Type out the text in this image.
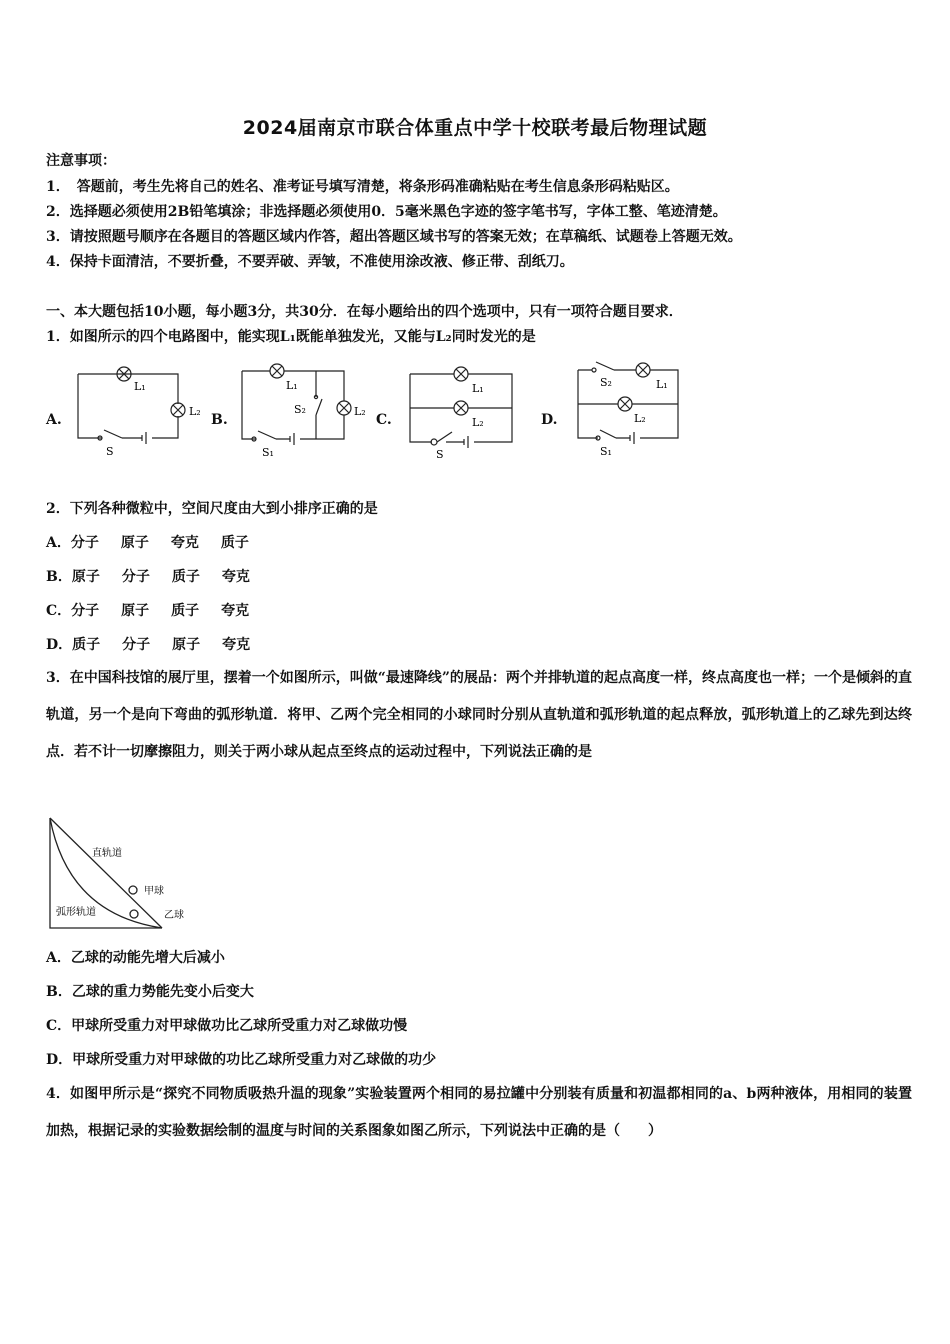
2024届南京市联合体重点中学十校联考最后物理试题
注意事项：
1．　答题前，考生先将自己的姓名、准考证号填写清楚，将条形码准确粘贴在考生信息条形码粘贴区。
2．选择题必须使用2B铅笔填涂；非选择题必须使用0．5毫米黑色字迹的签字笔书写，字体工整、笔迹清楚。
3．请按照题号顺序在各题目的答题区域内作答，超出答题区域书写的答案无效；在草稿纸、试题卷上答题无效。
4．保持卡面清洁，不要折叠，不要弄破、弄皱，不准使用涂改液、修正带、刮纸刀。
一、本大题包括10小题，每小题3分，共30分．在每小题给出的四个选项中，只有一项符合题目要求．
1．如图所示的四个电路图中，能实现L₁既能单独发光，又能与L₂同时发光的是
A.
L₁
L₂
S
B.
L₁
S₂	L₂
S₁
C.
L₁
L₂
S
D.
S₂	L₁
L₂
S₁
2．下列各种微粒中，空间尺度由大到小排序正确的是
A．分子 原子 夸克 质子
B．原子 分子 质子 夸克
C．分子 原子 质子 夸克
D．质子 分子 原子 夸克
3．在中国科技馆的展厅里，摆着一个如图所示，叫做“最速降线”的展品：两个并排轨道的起点高度一样，终点高度也一样；一个是倾斜的直轨道，另一个是向下弯曲的弧形轨道．将甲、乙两个完全相同的小球同时分别从直轨道和弧形轨道的起点释放，弧形轨道上的乙球先到达终点．若不计一切摩擦阻力，则关于两小球从起点至终点的运动过程中，下列说法正确的是
直轨道
甲球
弧形轨道	乙球
A．乙球的动能先增大后减小
B．乙球的重力势能先变小后变大
C．甲球所受重力对甲球做功比乙球所受重力对乙球做功慢
D．甲球所受重力对甲球做的功比乙球所受重力对乙球做的功少
4．如图甲所示是“探究不同物质吸热升温的现象”实验装置两个相同的易拉罐中分别装有质量和初温都相同的a、b两种液体，用相同的装置加热，根据记录的实验数据绘制的温度与时间的关系图象如图乙所示，下列说法中正确的是（　　）
